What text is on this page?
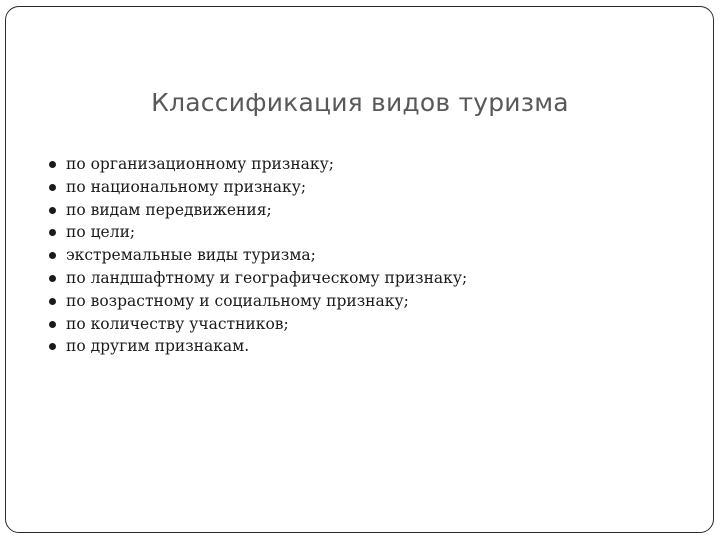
Классификация видов туризма
по организационному признаку;
по национальному признаку;
по видам передвижения;
по цели;
экстремальные виды туризма;
по ландшафтному и географическому признаку;
по возрастному и социальному признаку;
по количеству участников;
по другим признакам.
